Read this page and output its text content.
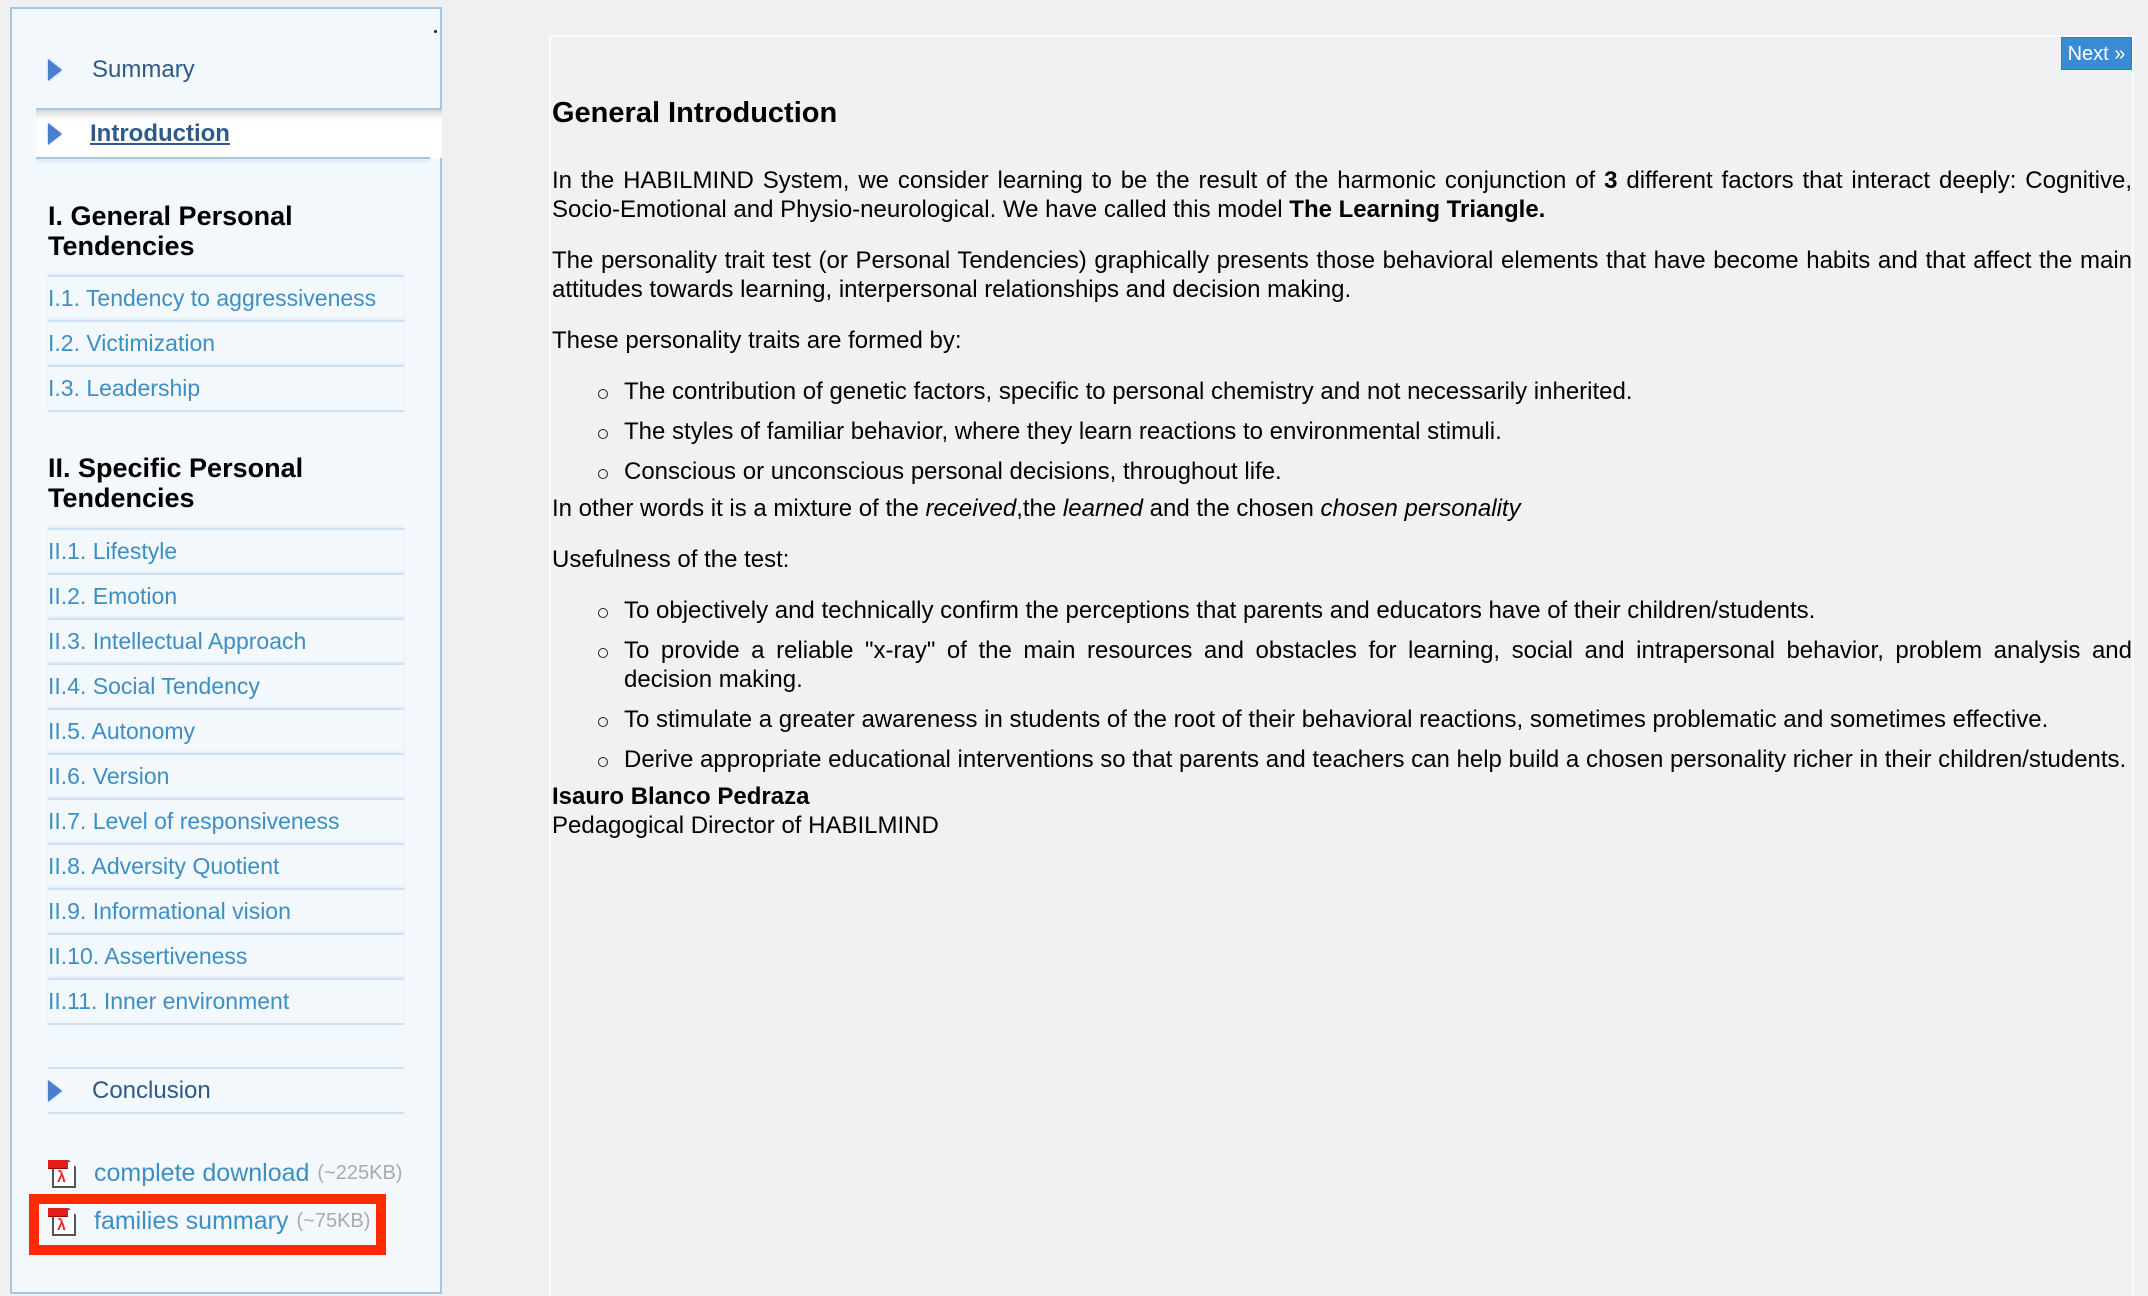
Summary
Introduction
I. General Personal Tendencies
I.1. Tendency to aggressiveness
I.2. Victimization
I.3. Leadership
II. Specific Personal Tendencies
II.1. Lifestyle
II.2. Emotion
II.3. Intellectual Approach
II.4. Social Tendency
II.5. Autonomy
II.6. Version
II.7. Level of responsiveness
II.8. Adversity Quotient
II.9. Informational vision
II.10. Assertiveness
II.11. Inner environment
Conclusion
λ complete download (~225KB)
λ families summary (~75KB)
Next »
General Introduction

In the HABILMIND System, we consider learning to be the result of the harmonic conjunction of 3 different factors that interact deeply: Cognitive, Socio-Emotional and Physio-neurological. We have called this model The Learning Triangle.

The personality trait test (or Personal Tendencies) graphically presents those behavioral elements that have become habits and that affect the main attitudes towards learning, interpersonal relationships and decision making.

These personality traits are formed by:

The contribution of genetic factors, specific to personal chemistry and not necessarily inherited.
The styles of familiar behavior, where they learn reactions to environmental stimuli.
Conscious or unconscious personal decisions, throughout life.

In other words it is a mixture of the received,the learned and the chosen chosen personality

Usefulness of the test:

To objectively and technically confirm the perceptions that parents and educators have of their children/students.
To provide a reliable "x-ray" of the main resources and obstacles for learning, social and intrapersonal behavior, problem analysis and decision making.
To stimulate a greater awareness in students of the root of their behavioral reactions, sometimes problematic and sometimes effective.
Derive appropriate educational interventions so that parents and teachers can help build a chosen personality richer in their children/students.
Isauro Blanco Pedraza
Pedagogical Director of HABILMIND
